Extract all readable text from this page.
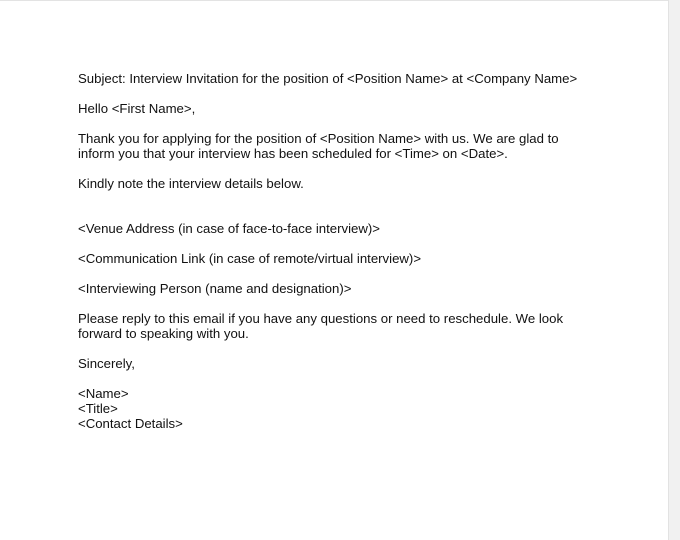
Subject: Interview Invitation for the position of <Position Name> at <Company Name>
Hello <First Name>,
Thank you for applying for the position of <Position Name> with us. We are glad to
inform you that your interview has been scheduled for <Time> on <Date>.
Kindly note the interview details below.
<Venue Address (in case of face-to-face interview)>
<Communication Link (in case of remote/virtual interview)>
<Interviewing Person (name and designation)>
Please reply to this email if you have any questions or need to reschedule. We look
forward to speaking with you.
Sincerely,
<Name>
<Title>
<Contact Details>
